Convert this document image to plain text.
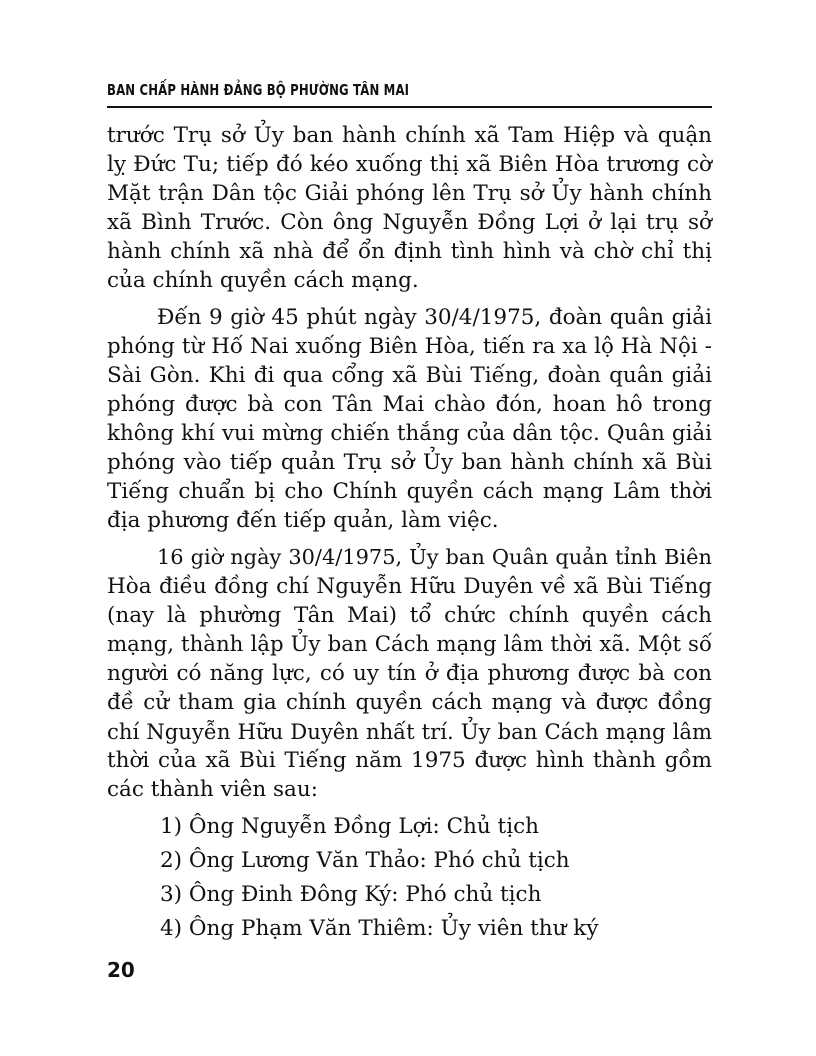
BAN CHẤP HÀNH ĐẢNG BỘ PHƯỜNG TÂN MAI
trước Trụ sở Ủy ban hành chính xã Tam Hiệp và quận
lỵ Đức Tu; tiếp đó kéo xuống thị xã Biên Hòa trương cờ
Mặt trận Dân tộc Giải phóng lên Trụ sở Ủy hành chính
xã Bình Trước. Còn ông Nguyễn Đồng Lợi ở lại trụ sở
hành chính xã nhà để ổn định tình hình và chờ chỉ thị
của chính quyền cách mạng.
Đến 9 giờ 45 phút ngày 30/4/1975, đoàn quân giải
phóng từ Hố Nai xuống Biên Hòa, tiến ra xa lộ Hà Nội -
Sài Gòn. Khi đi qua cổng xã Bùi Tiếng, đoàn quân giải
phóng được bà con Tân Mai chào đón, hoan hô trong
không khí vui mừng chiến thắng của dân tộc. Quân giải
phóng vào tiếp quản Trụ sở Ủy ban hành chính xã Bùi
Tiếng chuẩn bị cho Chính quyền cách mạng Lâm thời
địa phương đến tiếp quản, làm việc.
16 giờ ngày 30/4/1975, Ủy ban Quân quản tỉnh Biên
Hòa điều đồng chí Nguyễn Hữu Duyên về xã Bùi Tiếng
(nay là phường Tân Mai) tổ chức chính quyền cách
mạng, thành lập Ủy ban Cách mạng lâm thời xã. Một số
người có năng lực, có uy tín ở địa phương được bà con
đề cử tham gia chính quyền cách mạng và được đồng
chí Nguyễn Hữu Duyên nhất trí. Ủy ban Cách mạng lâm
thời của xã Bùi Tiếng năm 1975 được hình thành gồm
các thành viên sau:
1) Ông Nguyễn Đồng Lợi: Chủ tịch
2) Ông Lương Văn Thảo: Phó chủ tịch
3) Ông Đinh Đông Ký: Phó chủ tịch
4) Ông Phạm Văn Thiêm: Ủy viên thư ký
20
